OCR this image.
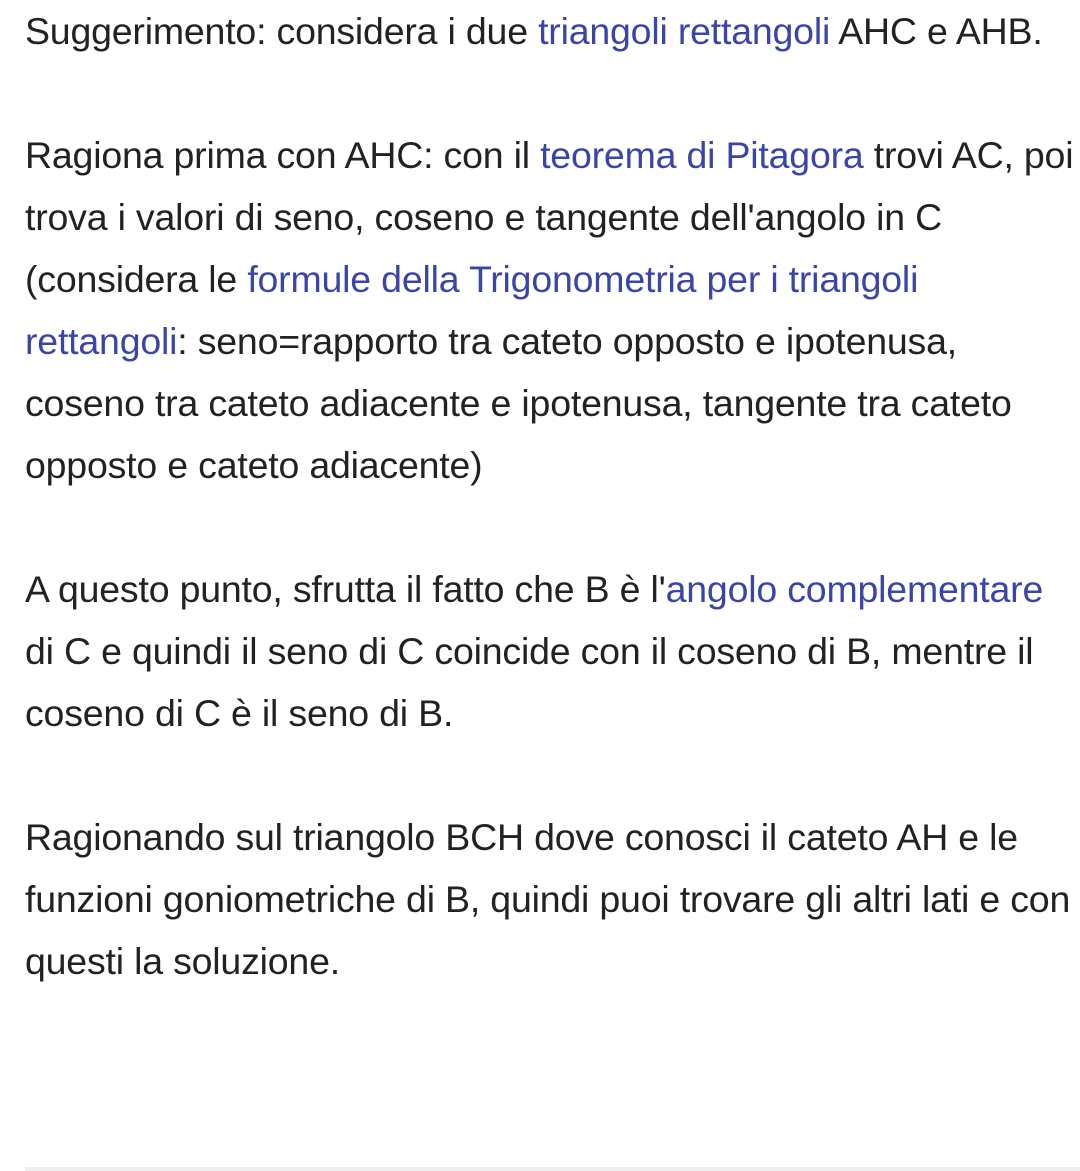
Suggerimento: considera i due triangoli rettangoli AHC e AHB.

Ragiona prima con AHC: con il teorema di Pitagora trovi AC, poi trova i valori di seno, coseno e tangente dell'angolo in C (considera le formule della Trigonometria per i triangoli rettangoli: seno=rapporto tra cateto opposto e ipotenusa, coseno tra cateto adiacente e ipotenusa, tangente tra cateto opposto e cateto adiacente)

A questo punto, sfrutta il fatto che B è l'angolo complementare di C e quindi il seno di C coincide con il coseno di B, mentre il coseno di C è il seno di B.

Ragionando sul triangolo BCH dove conosci il cateto AH e le funzioni goniometriche di B, quindi puoi trovare gli altri lati e con questi la soluzione.
